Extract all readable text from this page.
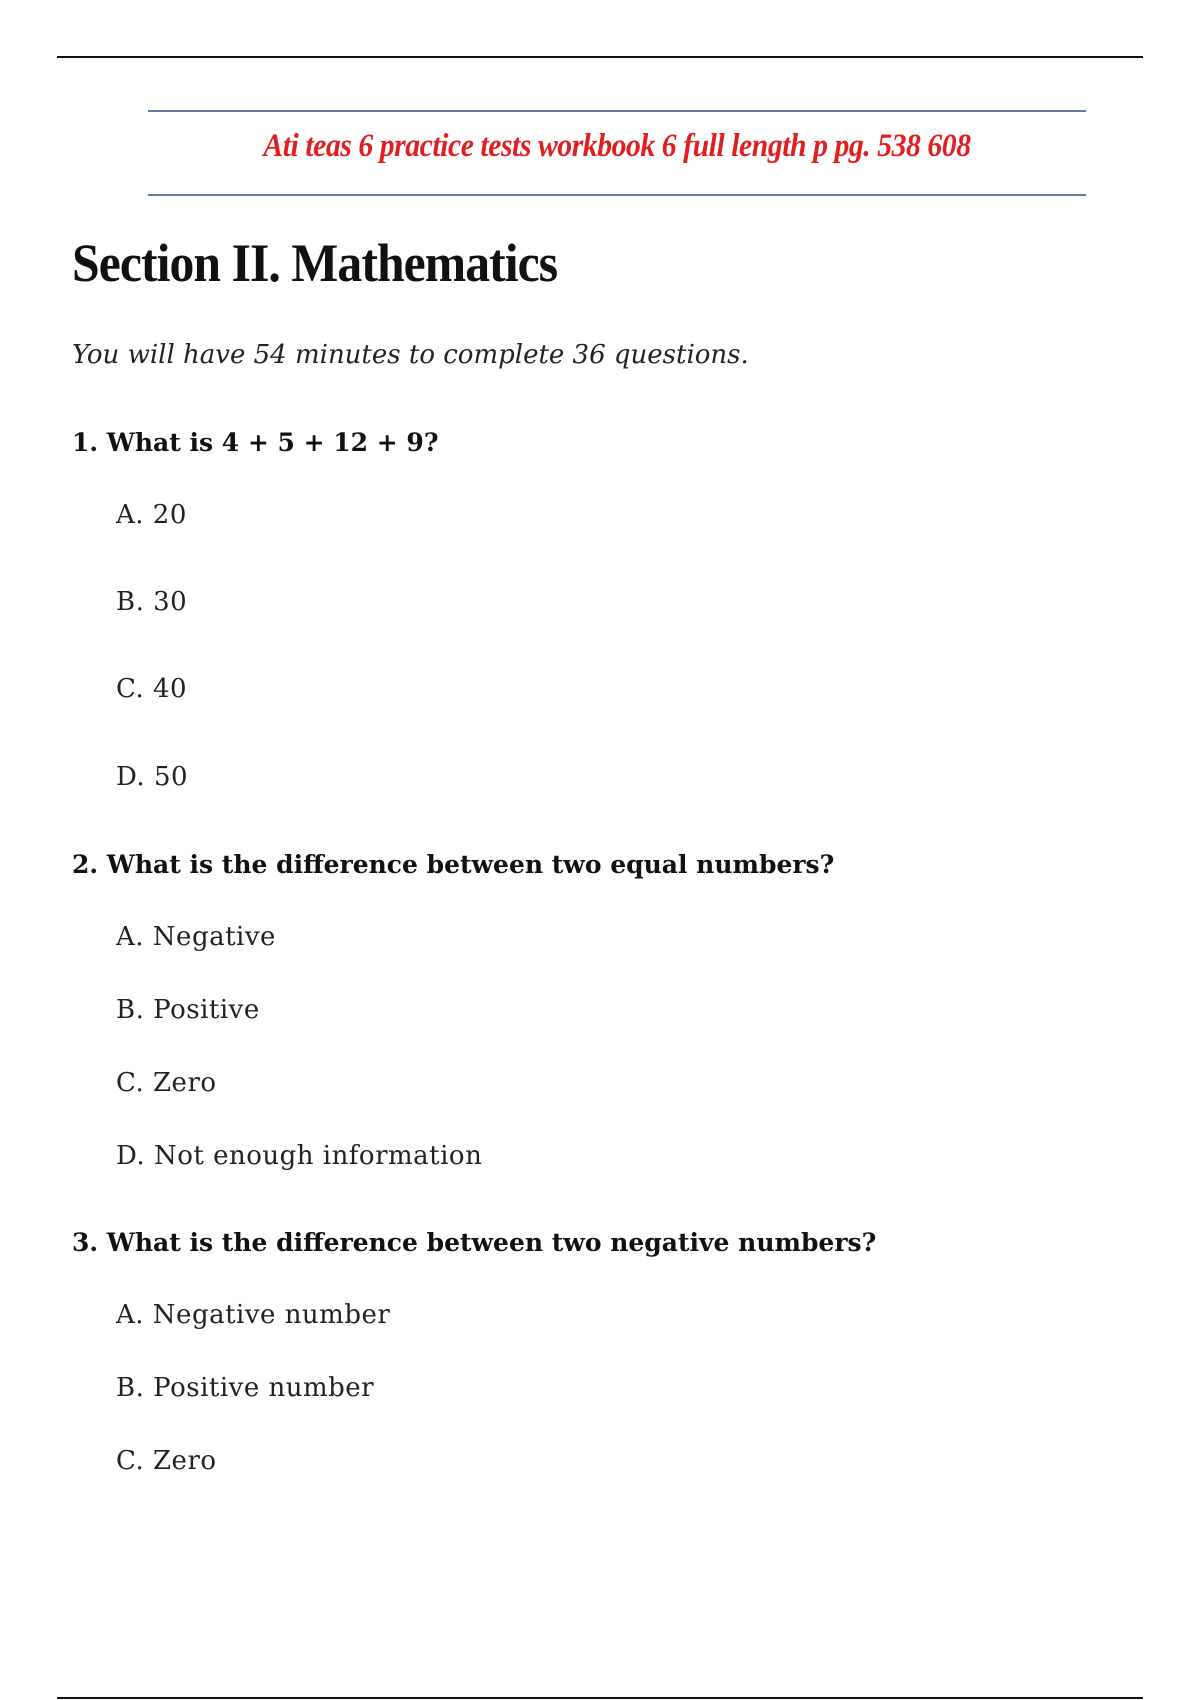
Ati teas 6 practice tests workbook 6 full length p pg. 538 608
Section II. Mathematics
You will have 54 minutes to complete 36 questions.
1. What is 4 + 5 + 12 + 9?
A. 20
B. 30
C. 40
D. 50
2. What is the difference between two equal numbers?
A. Negative
B. Positive
C. Zero
D. Not enough information
3. What is the difference between two negative numbers?
A. Negative number
B. Positive number
C. Zero
